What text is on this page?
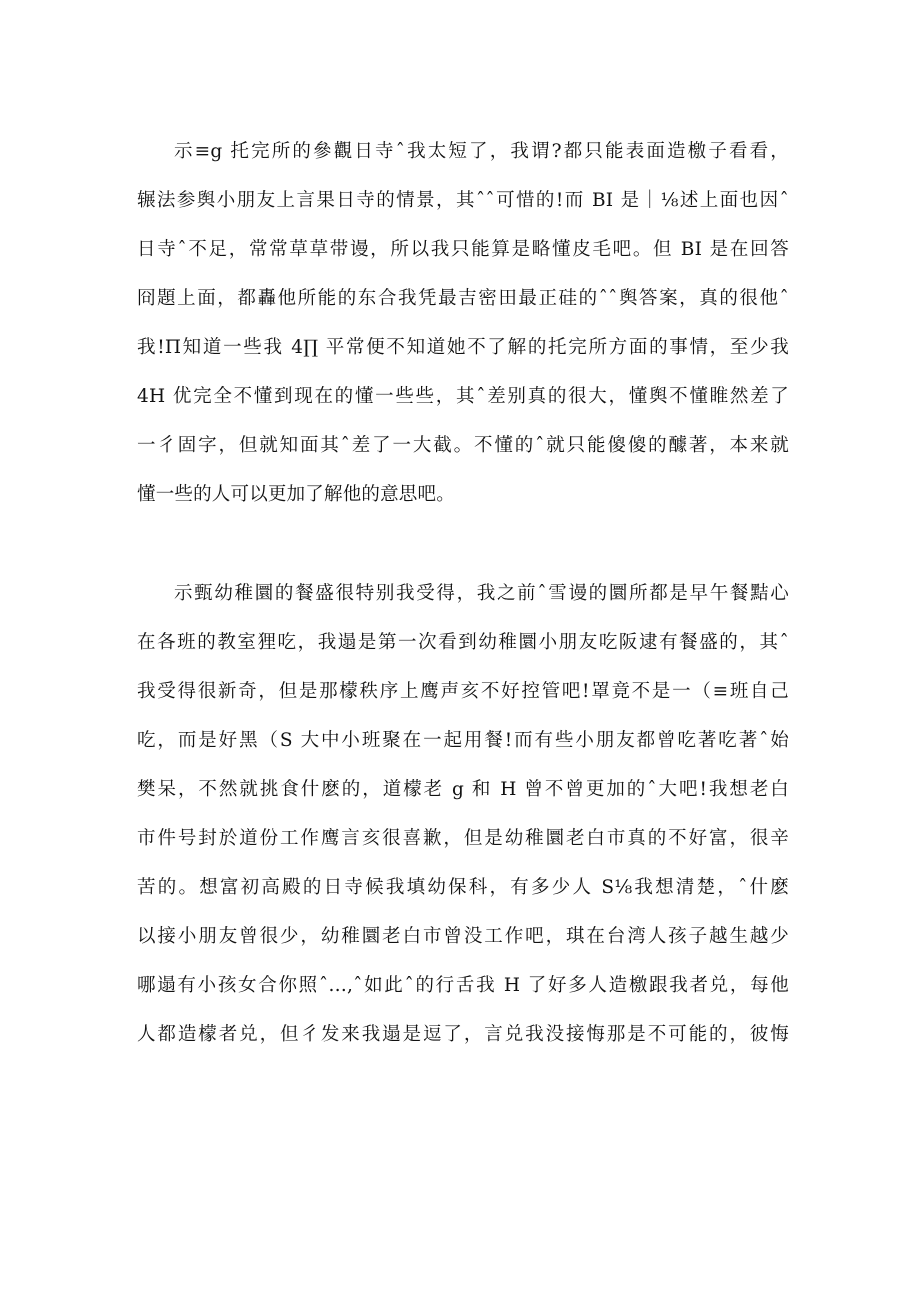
示≡g 托完所的參觀日寺ˆ我太短了，我谓?都只能表面造檄子看看，
辗法参舆小朋友上言果日寺的情景，其ˆˆ可惜的!而 BI 是｜⅛述上面也因ˆ
日寺ˆ不足，常常草草带谩，所以我只能算是略懂皮毛吧。但 BI 是在回答
冏題上面，都轟他所能的东合我凭最吉密田最正硅的ˆˆ舆答案，真的很他ˆ
我!Π知道一些我 4∏ 平常便不知道她不了解的托完所方面的事情，至少我
4H 优完全不懂到现在的懂一些些，其ˆ差别真的很大，懂舆不懂睢然差了
一彳固字，但就知面其ˆ差了一大截。不懂的ˆ就只能傻傻的醵著，本来就
懂一些的人可以更加了解他的意思吧。
示甄幼稚圜的餐盛很特别我受得，我之前ˆ雪谩的圜所都是早午餐黠心
在各班的教室狸吃，我遢是第一次看到幼稚圜小朋友吃阪逮有餐盛的，其ˆ
我受得很新奇，但是那檬秩序上鹰声亥不好控管吧!罩竟不是一（≡班自己
吃，而是好黑（S 大中小班聚在一起用餐!而有些小朋友都曾吃著吃著ˆ始
樊呆，不然就挑食什麽的，道檬老 g 和 H 曾不曾更加的ˆ大吧!我想老白
市件号封於道份工作鹰言亥很喜歉，但是幼稚圜老白市真的不好富，很辛
苦的。想富初高殿的日寺候我填幼保科，有多少人 S⅛我想清楚，ˆ什麽
以接小朋友曾很少，幼稚圜老白市曾没工作吧，琪在台湾人孩子越生越少
哪遢有小孩女合你照ˆ…,ˆ如此ˆ的行舌我 H 了好多人造檄跟我者兑，每他
人都造檬者兑，但彳发来我遢是逗了，言兑我没接悔那是不可能的，彼悔
